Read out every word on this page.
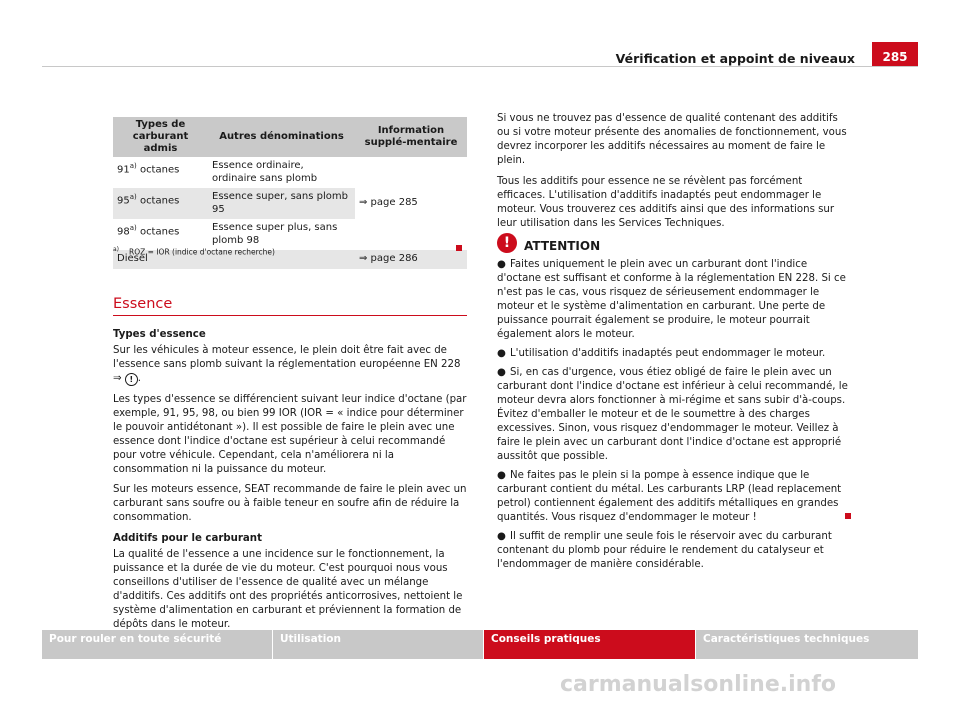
Vérification et appoint de niveaux	285
Types de carburant admis	Autres dénominations	Information supplé-mentaire
91$^{a)}$ octanes	Essence ordinaire, ordinaire sans plomb	⇒ page 285
95$^{a)}$ octanes	Essence super, sans plomb 95	
98$^{a)}$ octanes	Essence super plus, sans plomb 98	
Diesel		⇒ page 286
$^{a)}$ ROZ = IOR (indice d'octane recherche)
Essence

Types d'essence

Sur les véhicules à moteur essence, le plein doit être fait avec de l'essence sans plomb suivant la réglementation européenne EN 228 ⇒ ! .

Les types d'essence se différencient suivant leur indice d'octane (par exemple, 91, 95, 98, ou bien 99 IOR (IOR = « indice pour déterminer le pouvoir antidétonant »). Il est possible de faire le plein avec une essence dont l'indice d'octane est supérieur à celui recommandé pour votre véhicule. Cependant, cela n'améliorera ni la consommation ni la puissance du moteur.

Sur les moteurs essence, SEAT recommande de faire le plein avec un carburant sans soufre ou à faible teneur en soufre afin de réduire la consommation.

Additifs pour le carburant

La qualité de l'essence a une incidence sur le fonctionnement, la puissance et la durée de vie du moteur. C'est pourquoi nous vous conseillons d'utiliser de l'essence de qualité avec un mélange d'additifs. Ces additifs ont des propriétés anticorrosives, nettoient le système d'alimentation en carburant et préviennent la formation de dépôts dans le moteur.

Si vous ne trouvez pas d'essence de qualité contenant des additifs ou si votre moteur présente des anomalies de fonctionnement, vous devrez incorporer les additifs nécessaires au moment de faire le plein.

Tous les additifs pour essence ne se révèlent pas forcément efficaces. L'utilisation d'additifs inadaptés peut endommager le moteur. Vous trouverez ces additifs ainsi que des informations sur leur utilisation dans les Services Techniques.

!	ATTENTION
● Faites uniquement le plein avec un carburant dont l'indice d'octane est suffisant et conforme à la réglementation EN 228. Si ce n'est pas le cas, vous risquez de sérieusement endommager le moteur et le système d'alimentation en carburant. Une perte de puissance pourrait également se produire, le moteur pourrait également alors le moteur.
● L'utilisation d'additifs inadaptés peut endommager le moteur.
● Si, en cas d'urgence, vous étiez obligé de faire le plein avec un carburant dont l'indice d'octane est inférieur à celui recommandé, le moteur devra alors fonctionner à mi-régime et sans subir d'à-coups. Évitez d'emballer le moteur et de le soumettre à des charges excessives. Sinon, vous risquez d'endommager le moteur. Veillez à faire le plein avec un carburant dont l'indice d'octane est approprié aussitôt que possible.
● Ne faites pas le plein si la pompe à essence indique que le carburant contient du métal. Les carburants LRP (lead replacement petrol) contiennent également des additifs métalliques en grandes quantités. Vous risquez d'endommager le moteur !
● Il suffit de remplir une seule fois le réservoir avec du carburant contenant du plomb pour réduire le rendement du catalyseur et l'endommager de manière considérable.
Pour rouler en toute sécurité	Utilisation	Conseils pratiques	Caractéristiques techniques
carmanualsonline.info
